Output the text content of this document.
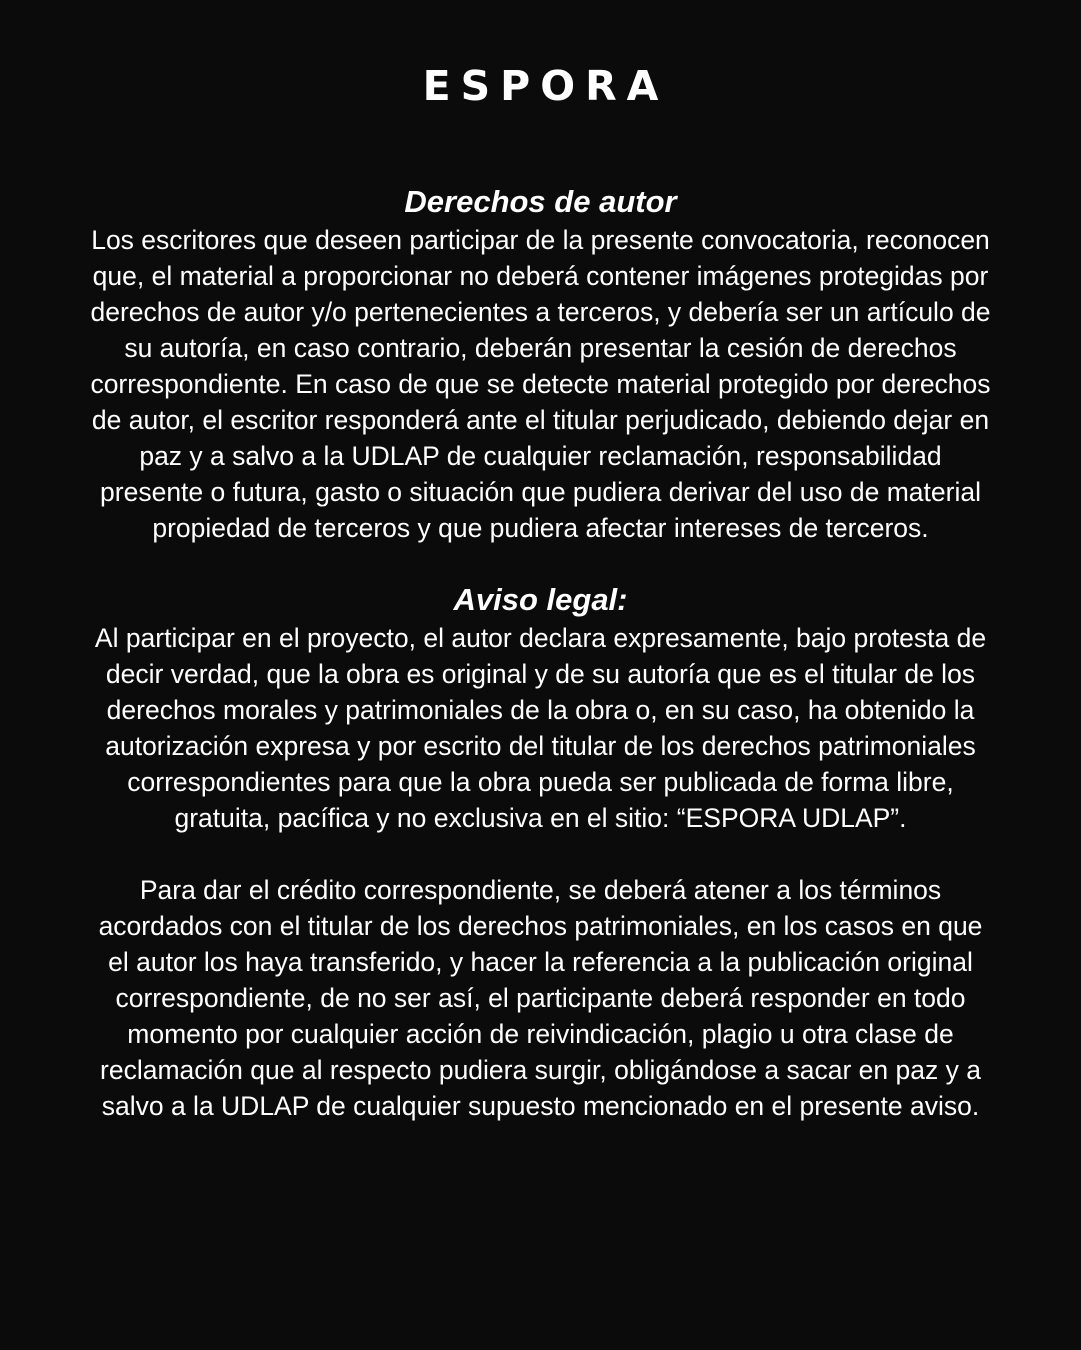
ESPORA
Derechos de autor

Los escritores que deseen participar de la presente convocatoria, reconocen que, el material a proporcionar no deberá contener imágenes protegidas por derechos de autor y/o pertenecientes a terceros, y debería ser un artículo de su autoría, en caso contrario, deberán presentar la cesión de derechos correspondiente. En caso de que se detecte material protegido por derechos de autor, el escritor responderá ante el titular perjudicado, debiendo dejar en paz y a salvo a la UDLAP de cualquier reclamación, responsabilidad presente o futura, gasto o situación que pudiera derivar del uso de material propiedad de terceros y que pudiera afectar intereses de terceros.

Aviso legal:

Al participar en el proyecto, el autor declara expresamente, bajo protesta de decir verdad, que la obra es original y de su autoría que es el titular de los derechos morales y patrimoniales de la obra o, en su caso, ha obtenido la autorización expresa y por escrito del titular de los derechos patrimoniales correspondientes para que la obra pueda ser publicada de forma libre, gratuita, pacífica y no exclusiva en el sitio: “ESPORA UDLAP”.

Para dar el crédito correspondiente, se deberá atener a los términos acordados con el titular de los derechos patrimoniales, en los casos en que el autor los haya transferido, y hacer la referencia a la publicación original correspondiente, de no ser así, el participante deberá responder en todo momento por cualquier acción de reivindicación, plagio u otra clase de reclamación que al respecto pudiera surgir, obligándose a sacar en paz y a salvo a la UDLAP de cualquier supuesto mencionado en el presente aviso.
